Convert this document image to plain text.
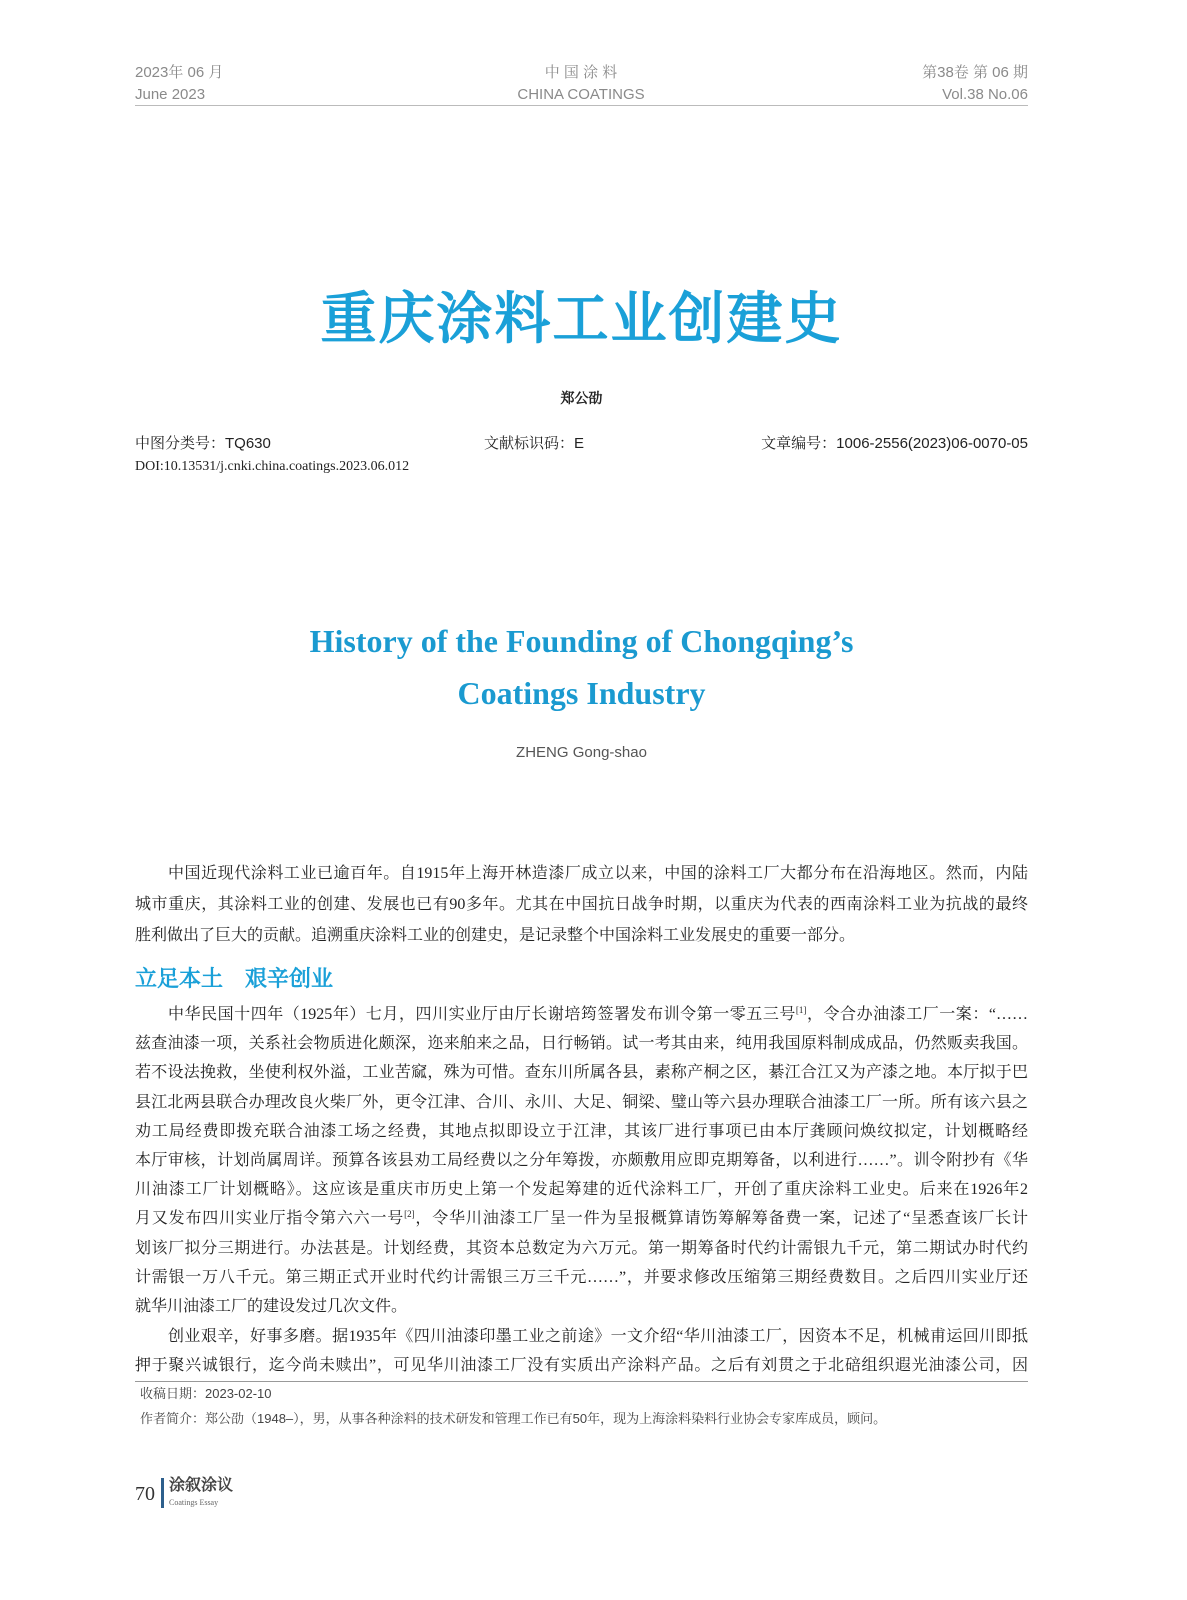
2023年 06 月
June 2023
中 国 涂 料
CHINA COATINGS
第38卷 第 06 期
Vol.38 No.06
重庆涂料工业创建史
郑公劭
中图分类号：TQ630	文献标识码：E	文章编号：1006-2556(2023)06-0070-05
DOI:10.13531/j.cnki.china.coatings.2023.06.012
History of the Founding of Chongqing’s
Coatings Industry
ZHENG Gong-shao
中国近现代涂料工业已逾百年。自1915年上海开林造漆厂成立以来，中国的涂料工厂大都分布在沿海地区。然而，内陆
城市重庆，其涂料工业的创建、发展也已有90多年。尤其在中国抗日战争时期，以重庆为代表的西南涂料工业为抗战的最终
胜利做出了巨大的贡献。追溯重庆涂料工业的创建史，是记录整个中国涂料工业发展史的重要一部分。
立足本土　艰辛创业
中华民国十四年（1925年）七月，四川实业厅由厅长谢培筠签署发布训令第一零五三号[1]，令合办油漆工厂一案：“……
兹查油漆一项，关系社会物质进化颇深，迩来舶来之品，日行畅销。试一考其由来，纯用我国原料制成成品，仍然贩卖我国。
若不设法挽救，坐使利权外溢，工业苦窳，殊为可惜。查东川所属各县，素称产桐之区，綦江合江又为产漆之地。本厅拟于巴
县江北两县联合办理改良火柴厂外，更令江津、合川、永川、大足、铜梁、璧山等六县办理联合油漆工厂一所。所有该六县之
劝工局经费即拨充联合油漆工场之经费，其地点拟即设立于江津，其该厂进行事项已由本厅龚顾问焕纹拟定，计划概略经
本厅审核，计划尚属周详。预算各该县劝工局经费以之分年筹拨，亦颇敷用应即克期筹备，以利进行……”。训令附抄有《华
川油漆工厂计划概略》。这应该是重庆市历史上第一个发起筹建的近代涂料工厂，开创了重庆涂料工业史。后来在1926年2
月又发布四川实业厅指令第六六一号[2]，令华川油漆工厂呈一件为呈报概算请饬筹解筹备费一案，记述了“呈悉查该厂长计
划该厂拟分三期进行。办法甚是。计划经费，其资本总数定为六万元。第一期筹备时代约计需银九千元，第二期试办时代约
计需银一万八千元。第三期正式开业时代约计需银三万三千元……”，并要求修改压缩第三期经费数目。之后四川实业厅还
就华川油漆工厂的建设发过几次文件。
创业艰辛，好事多磨。据1935年《四川油漆印墨工业之前途》一文介绍“华川油漆工厂，因资本不足，机械甫运回川即抵
押于聚兴诚银行，迄今尚未赎出”，可见华川油漆工厂没有实质出产涂料产品。之后有刘贯之于北碚组织遐光油漆公司，因
收稿日期：2023-02-10
作者简介：郑公劭（1948–），男，从事各种涂料的技术研发和管理工作已有50年，现为上海涂料染料行业协会专家库成员，顾问。
70 涂叙涂议
Coatings Essay
